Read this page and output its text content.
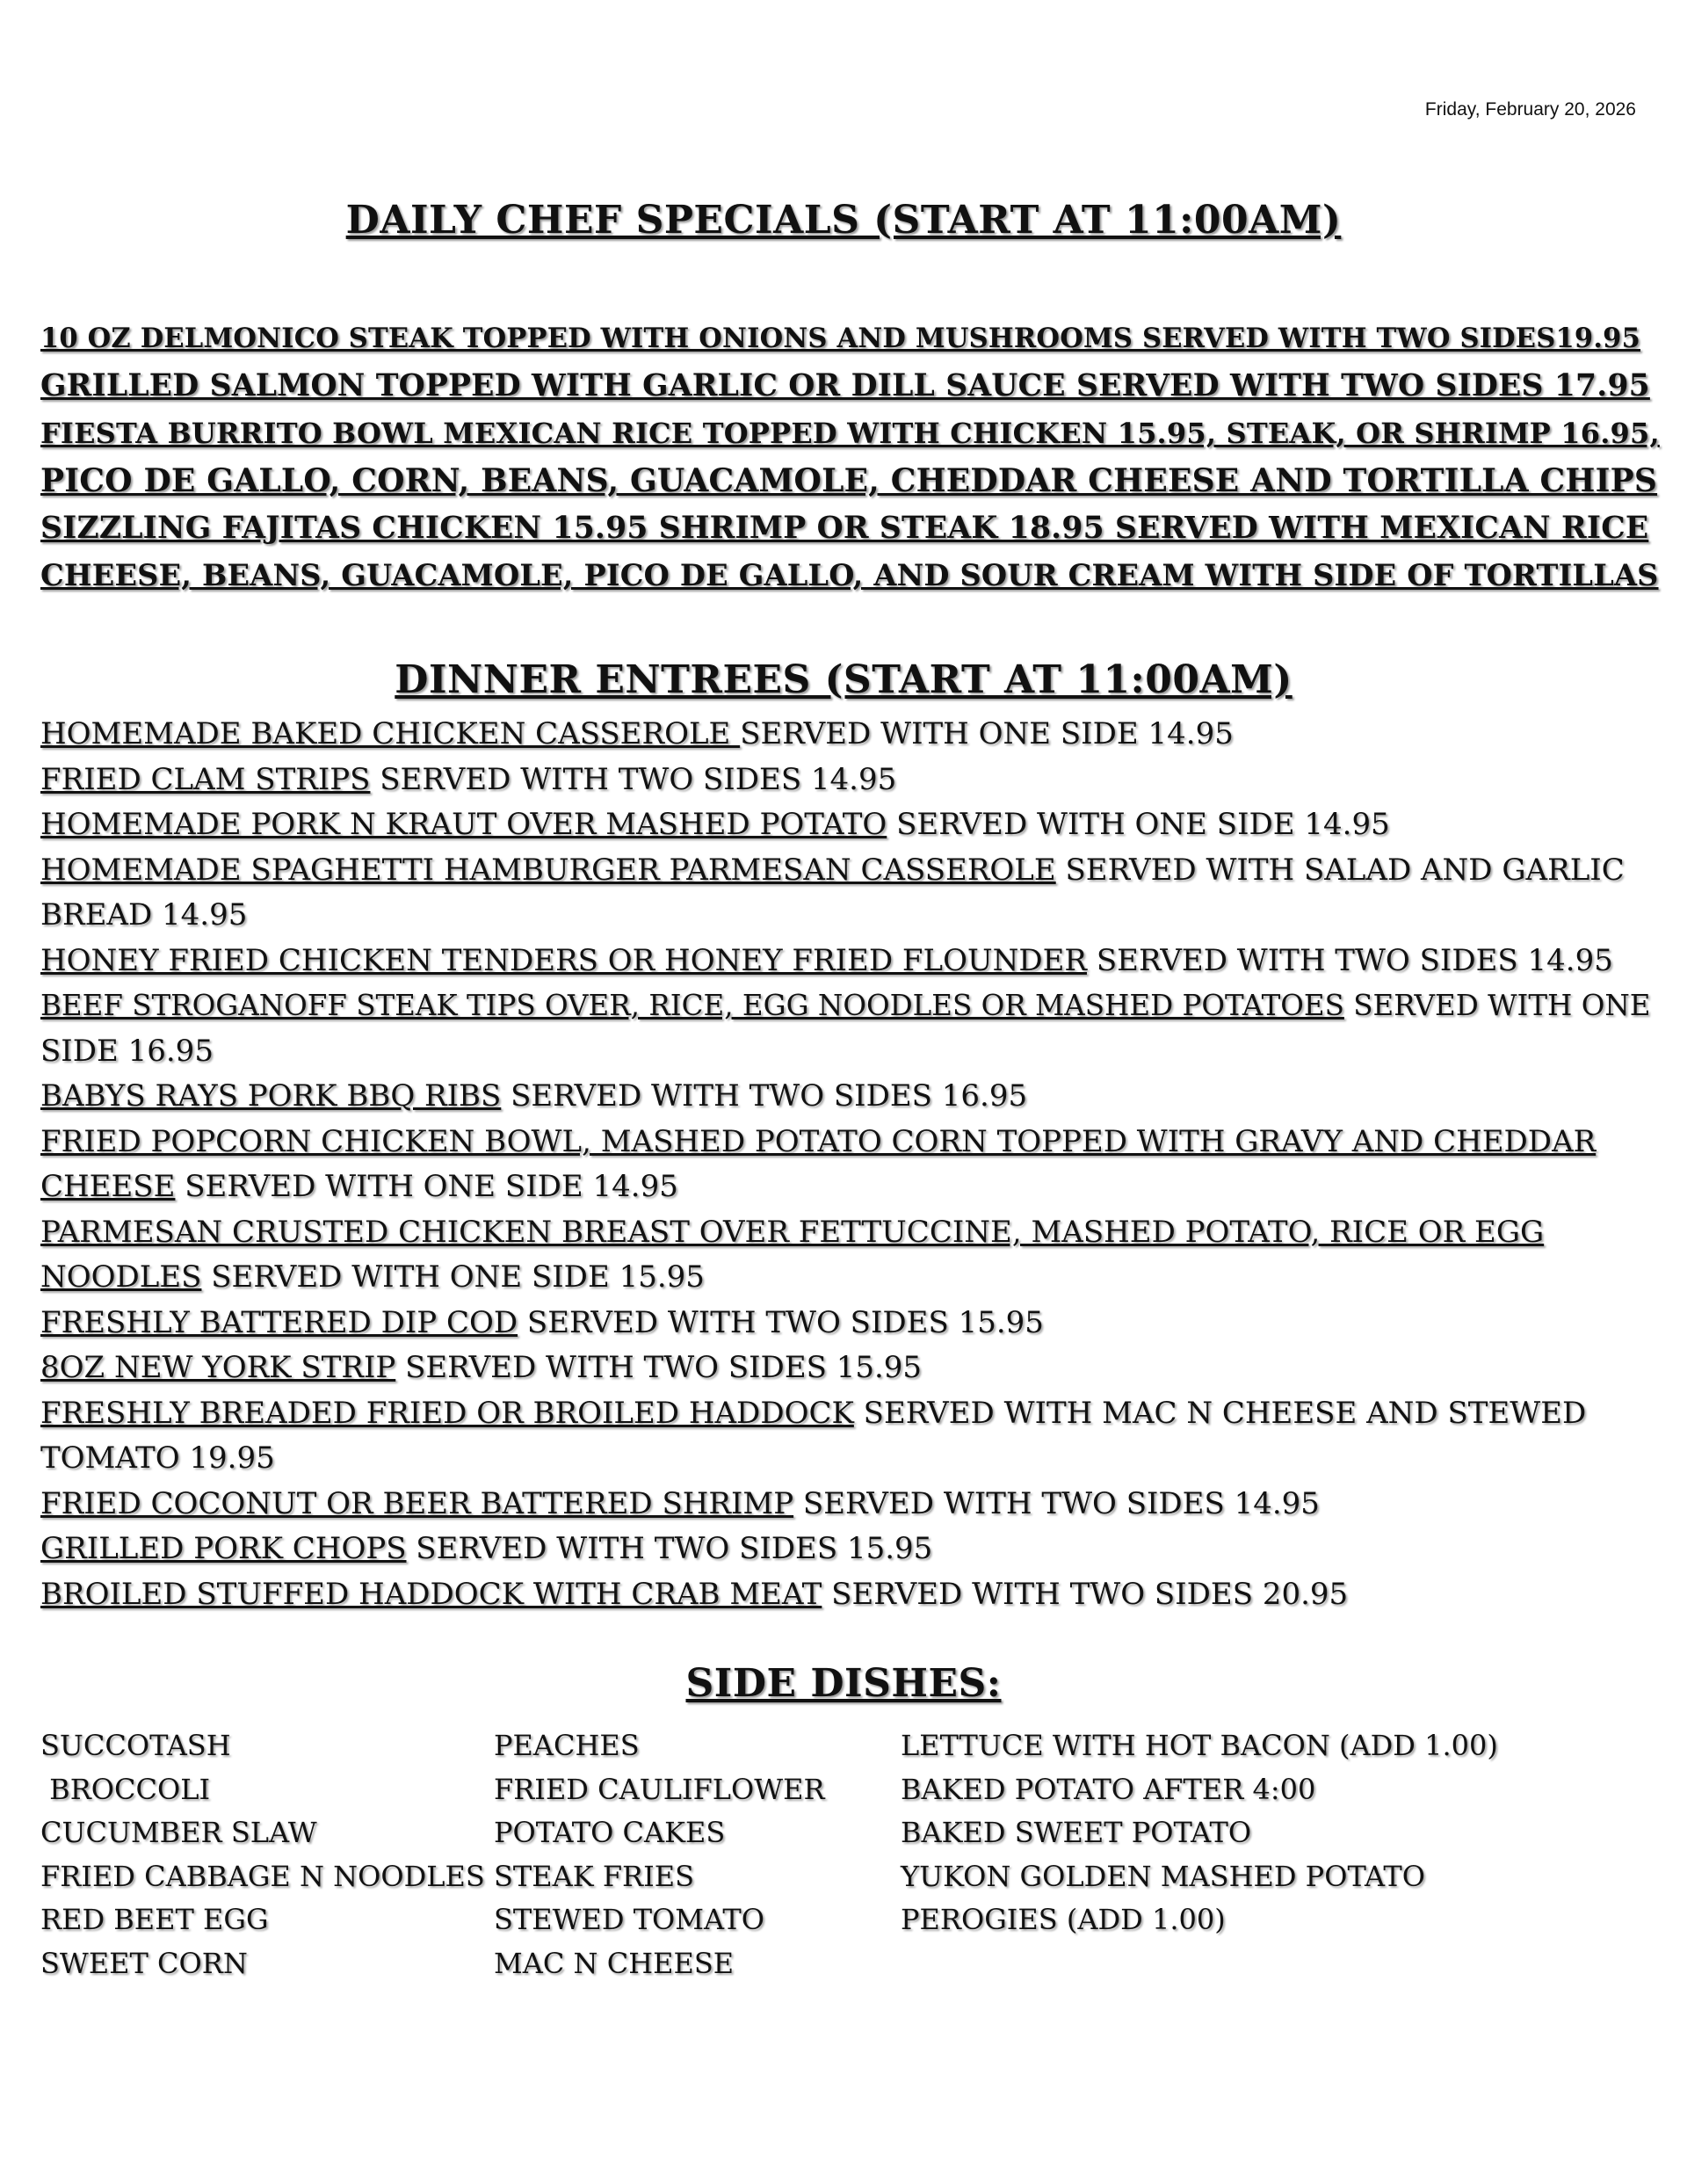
Friday, February 20, 2026
DAILY CHEF SPECIALS (START AT 11:00AM)
10 OZ DELMONICO STEAK TOPPED WITH ONIONS AND MUSHROOMS SERVED WITH TWO SIDES19.95
GRILLED SALMON TOPPED WITH GARLIC OR DILL SAUCE SERVED WITH TWO SIDES 17.95
FIESTA BURRITO BOWL MEXICAN RICE TOPPED WITH CHICKEN 15.95, STEAK, OR SHRIMP 16.95,
PICO DE GALLO, CORN, BEANS, GUACAMOLE, CHEDDAR CHEESE AND TORTILLA CHIPS
SIZZLING FAJITAS CHICKEN 15.95 SHRIMP OR STEAK 18.95 SERVED WITH MEXICAN RICE
CHEESE, BEANS, GUACAMOLE, PICO DE GALLO, AND SOUR CREAM WITH SIDE OF TORTILLAS
DINNER ENTREES (START AT 11:00AM)
HOMEMADE BAKED CHICKEN CASSEROLE SERVED WITH ONE SIDE 14.95
FRIED CLAM STRIPS SERVED WITH TWO SIDES 14.95
HOMEMADE PORK N KRAUT OVER MASHED POTATO SERVED WITH ONE SIDE 14.95
HOMEMADE SPAGHETTI HAMBURGER PARMESAN CASSEROLE SERVED WITH SALAD AND GARLIC
BREAD 14.95
HONEY FRIED CHICKEN TENDERS OR HONEY FRIED FLOUNDER SERVED WITH TWO SIDES 14.95
BEEF STROGANOFF STEAK TIPS OVER, RICE, EGG NOODLES OR MASHED POTATOES SERVED WITH ONE
SIDE 16.95
BABYS RAYS PORK BBQ RIBS SERVED WITH TWO SIDES 16.95
FRIED POPCORN CHICKEN BOWL, MASHED POTATO CORN TOPPED WITH GRAVY AND CHEDDAR
CHEESE SERVED WITH ONE SIDE 14.95
PARMESAN CRUSTED CHICKEN BREAST OVER FETTUCCINE, MASHED POTATO, RICE OR EGG
NOODLES SERVED WITH ONE SIDE 15.95
FRESHLY BATTERED DIP COD SERVED WITH TWO SIDES 15.95
8OZ NEW YORK STRIP SERVED WITH TWO SIDES 15.95
FRESHLY BREADED FRIED OR BROILED HADDOCK SERVED WITH MAC N CHEESE AND STEWED
TOMATO 19.95
FRIED COCONUT OR BEER BATTERED SHRIMP SERVED WITH TWO SIDES 14.95
GRILLED PORK CHOPS SERVED WITH TWO SIDES 15.95
BROILED STUFFED HADDOCK WITH CRAB MEAT SERVED WITH TWO SIDES 20.95
SIDE DISHES:
SUCCOTASH
BROCCOLI
CUCUMBER SLAW
FRIED CABBAGE N NOODLES
RED BEET EGG
SWEET CORN
PEACHES
FRIED CAULIFLOWER
POTATO CAKES
STEAK FRIES
STEWED TOMATO
MAC N CHEESE
LETTUCE WITH HOT BACON (ADD 1.00)
BAKED POTATO AFTER 4:00
BAKED SWEET POTATO
YUKON GOLDEN MASHED POTATO
PEROGIES (ADD 1.00)
